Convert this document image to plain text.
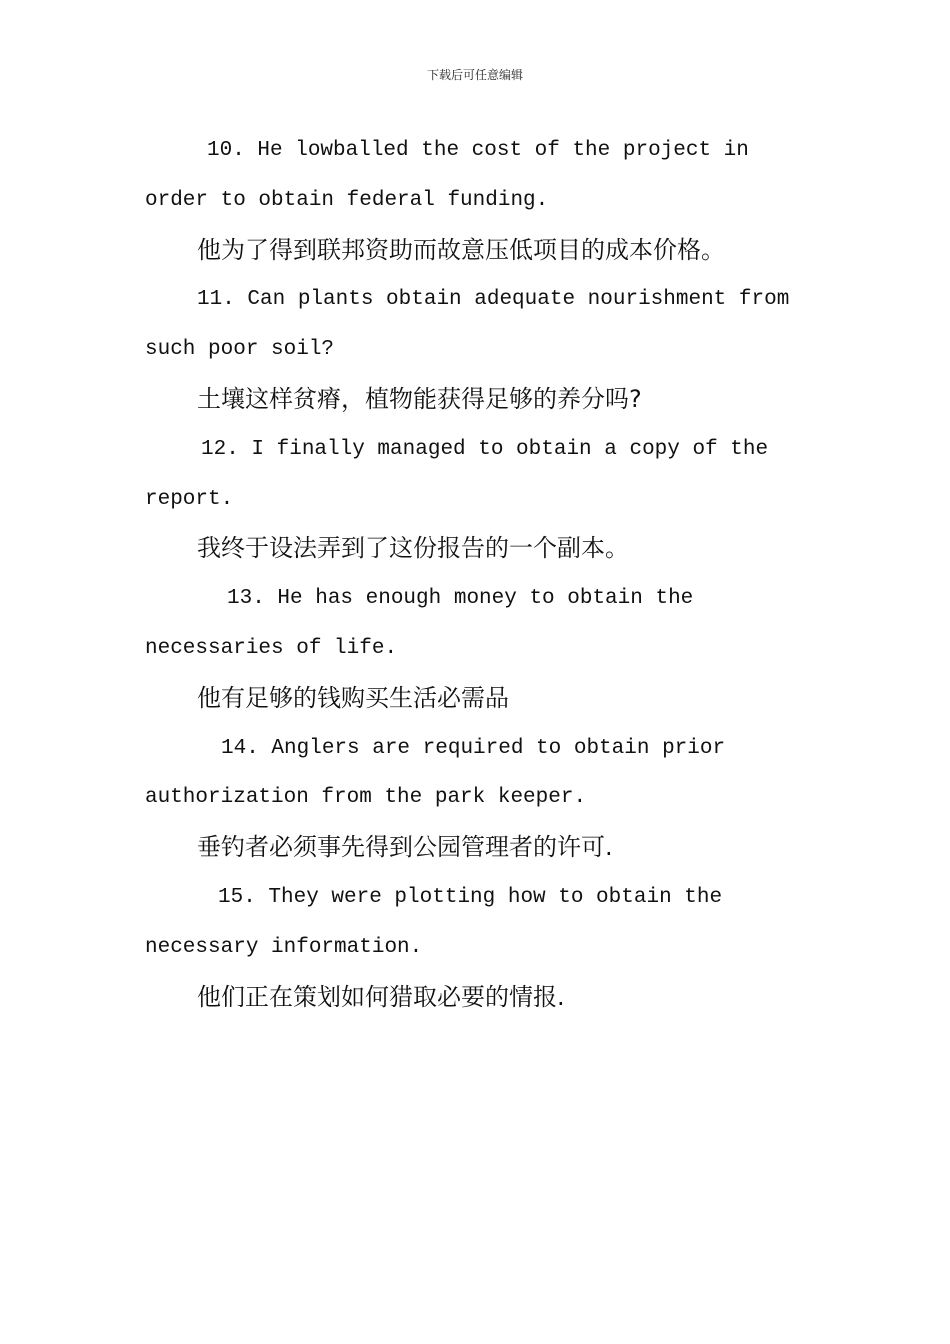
下载后可任意编辑

10. He lowballed the cost of the project in

order to obtain federal funding.

他为了得到联邦资助而故意压低项目的成本价格。

11. Can plants obtain adequate nourishment from

such poor soil?

土壤这样贫瘠，植物能获得足够的养分吗?

12. I finally managed to obtain a copy of the

report.

我终于设法弄到了这份报告的一个副本。

13. He has enough money to obtain the

necessaries of life.

他有足够的钱购买生活必需品

14. Anglers are required to obtain prior

authorization from the park keeper.

垂钓者必须事先得到公园管理者的许可.

15. They were plotting how to obtain the

necessary information.

他们正在策划如何猎取必要的情报.
